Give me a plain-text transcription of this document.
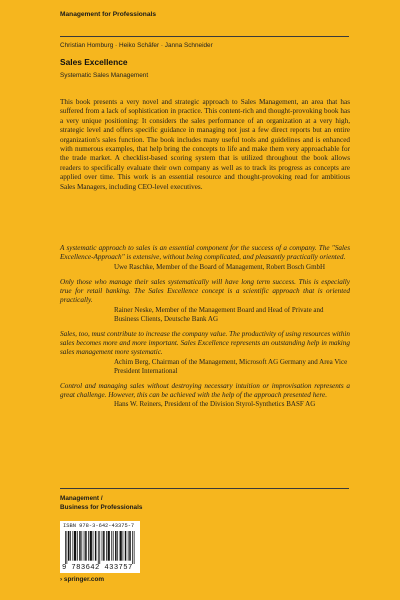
Management for Professionals
Christian Homburg · Heiko Schäfer · Janna Schneider
Sales Excellence
Systematic Sales Management

This book presents a very novel and strategic approach to Sales Management, an area that has suffered from a lack of sophistication in practice. This content-rich and thought-provoking book has a very unique positioning: It considers the sales performance of an organization at a very high, strategic level and offers specific guidance in managing not just a few direct reports but an entire organization's sales function. The book includes many useful tools and guidelines and is enhanced with numerous examples, that help bring the concepts to life and make them very approachable for the trade market. A checklist-based scoring system that is utilized throughout the book allows readers to specifically evaluate their own company as well as to track its progress as concepts are applied over time. This work is an essential resource and thought-provoking read for ambitious Sales Managers, including CEO-level executives.

A systematic approach to sales is an essential component for the success of a company. The "Sales Excellence-Approach" is extensive, without being complicated, and pleasantly practically oriented.

Uwe Raschke, Member of the Board of Management, Robert Bosch GmbH

Only those who manage their sales systematically will have long term success. This is especially true for retail banking. The Sales Excellence concept is a scientific approach that is oriented practically.

Rainer Neske, Member of the Management Board and Head of Private and Business Clients, Deutsche Bank AG

Sales, too, must contribute to increase the company value. The productivity of using resources within sales becomes more and more important. Sales Excellence represents an outstanding help in making sales management more systematic.

Achim Berg, Chairman of the Management, Microsoft AG Germany and Area Vice President International

Control and managing sales without destroying necessary intuition or improvisation represents a great challenge. However, this can be achieved with the help of the approach presented here.

Hans W. Reiners, President of the Division Styrol-Synthetics BASF AG

Management /
Business for Professionals
ISBN 978-3-642-43375-7
9 783642 433757
› springer.com
